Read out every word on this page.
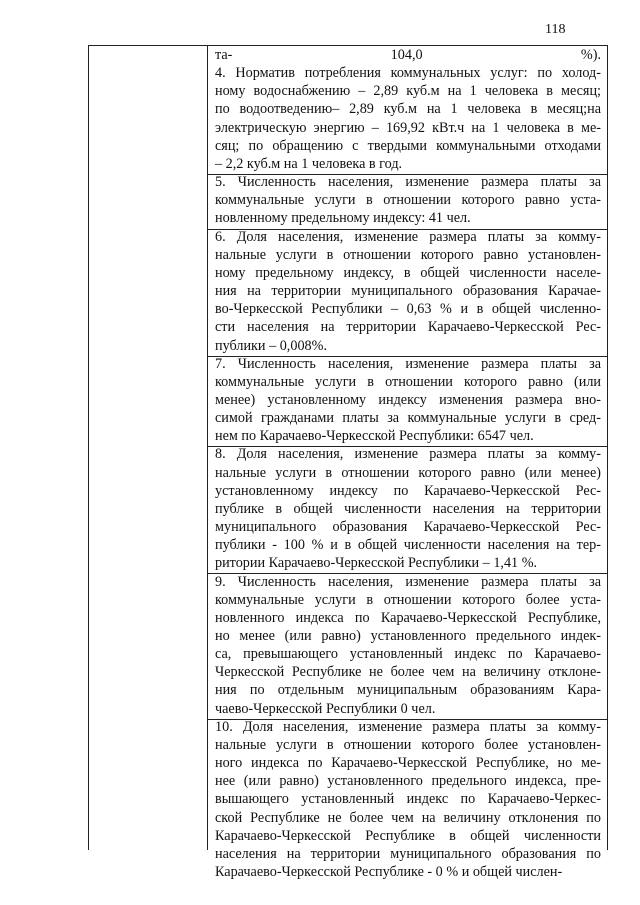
118
та- 104,0 %).
4. Норматив потребления коммунальных услуг: по холод-
ному водоснабжению – 2,89 куб.м на 1 человека в месяц;
по водоотведению– 2,89 куб.м на 1 человека в месяц;на
электрическую энергию – 169,92 кВт.ч на 1 человека в ме-
сяц; по обращению с твердыми коммунальными отходами
– 2,2 куб.м на 1 человека в год.
5. Численность населения, изменение размера платы за
коммунальные услуги в отношении которого равно уста-
новленному предельному индексу: 41 чел.
6. Доля населения, изменение размера платы за комму-
нальные услуги в отношении которого равно установлен-
ному предельному индексу, в общей численности населе-
ния на территории муниципального образования Карачае-
во-Черкесской Республики – 0,63 % и в общей численно-
сти населения на территории Карачаево-Черкесской Рес-
публики – 0,008%.
7. Численность населения, изменение размера платы за
коммунальные услуги в отношении которого равно (или
менее) установленному индексу изменения размера вно-
симой гражданами платы за коммунальные услуги в сред-
нем по Карачаево-Черкесской Республики: 6547 чел.
8. Доля населения, изменение размера платы за комму-
нальные услуги в отношении которого равно (или менее)
установленному индексу по Карачаево-Черкесской Рес-
публике в общей численности населения на территории
муниципального образования Карачаево-Черкесской Рес-
публики - 100 % и в общей численности населения на тер-
ритории Карачаево-Черкесской Республики – 1,41 %.
9. Численность населения, изменение размера платы за
коммунальные услуги в отношении которого более уста-
новленного индекса по Карачаево-Черкесской Республике,
но менее (или равно) установленного предельного индек-
са, превышающего установленный индекс по Карачаево-
Черкесской Республике не более чем на величину отклоне-
ния по отдельным муниципальным образованиям Кара-
чаево-Черкесской Республики 0 чел.
10. Доля населения, изменение размера платы за комму-
нальные услуги в отношении которого более установлен-
ного индекса по Карачаево-Черкесской Республике, но ме-
нее (или равно) установленного предельного индекса, пре-
вышающего установленный индекс по Карачаево-Черкес-
ской Республике не более чем на величину отклонения по
Карачаево-Черкесской Республике в общей численности
населения на территории муниципального образования по
Карачаево-Черкесской Республике - 0 % и общей числен-
